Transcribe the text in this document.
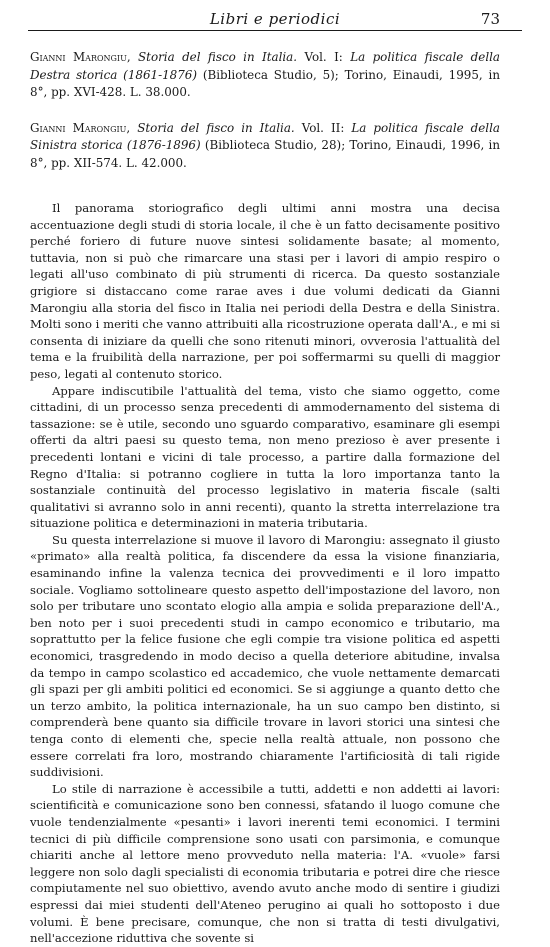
Libri e periodici	73

Gianni Marongiu, Storia del fisco in Italia. Vol. I: La politica fiscale della Destra storica (1861-1876) (Biblioteca Studio, 5); Torino, Einaudi, 1995, in 8°, pp. XVI-428. L. 38.000.

Gianni Marongiu, Storia del fisco in Italia. Vol. II: La politica fiscale della Sinistra storica (1876-1896) (Biblioteca Studio, 28); Torino, Einaudi, 1996, in 8°, pp. XII-574. L. 42.000.

Il panorama storiografico degli ultimi anni mostra una decisa accentuazione degli studi di storia locale, il che è un fatto decisamente positivo perché foriero di future nuove sintesi solidamente basate; al momento, tuttavia, non si può che rimarcare una stasi per i lavori di ampio respiro o legati all'uso combinato di più strumenti di ricerca. Da questo sostanziale grigiore si distaccano come rarae aves i due volumi dedicati da Gianni Marongiu alla storia del fisco in Italia nei periodi della Destra e della Sinistra. Molti sono i meriti che vanno attribuiti alla ricostruzione operata dall'A., e mi si consenta di iniziare da quelli che sono ritenuti minori, ovverosia l'attualità del tema e la fruibilità della narrazione, per poi soffermarmi su quelli di maggior peso, legati al contenuto storico.

Appare indiscutibile l'attualità del tema, visto che siamo oggetto, come cittadini, di un processo senza precedenti di ammodernamento del sistema di tassazione: se è utile, secondo uno sguardo comparativo, esaminare gli esempi offerti da altri paesi su questo tema, non meno prezioso è aver presente i precedenti lontani e vicini di tale processo, a partire dalla formazione del Regno d'Italia: si potranno cogliere in tutta la loro importanza tanto la sostanziale continuità del processo legislativo in materia fiscale (salti qualitativi si avranno solo in anni recenti), quanto la stretta interrelazione tra situazione politica e determinazioni in materia tributaria.

Su questa interrelazione si muove il lavoro di Marongiu: assegnato il giusto «primato» alla realtà politica, fa discendere da essa la visione finanziaria, esaminando infine la valenza tecnica dei provvedimenti e il loro impatto sociale. Vogliamo sottolineare questo aspetto dell'impostazione del lavoro, non solo per tributare uno scontato elogio alla ampia e solida preparazione dell'A., ben noto per i suoi precedenti studi in campo economico e tributario, ma soprattutto per la felice fusione che egli compie tra visione politica ed aspetti economici, trasgredendo in modo deciso a quella deteriore abitudine, invalsa da tempo in campo scolastico ed accademico, che vuole nettamente demarcati gli spazi per gli ambiti politici ed economici. Se si aggiunge a quanto detto che un terzo ambito, la politica internazionale, ha un suo campo ben distinto, si comprenderà bene quanto sia difficile trovare in lavori storici una sintesi che tenga conto di elementi che, specie nella realtà attuale, non possono che essere correlati fra loro, mostrando chiaramente l'artificiosità di tali rigide suddivisioni.

Lo stile di narrazione è accessibile a tutti, addetti e non addetti ai lavori: scientificità e comunicazione sono ben connessi, sfatando il luogo comune che vuole tendenzialmente «pesanti» i lavori inerenti temi economici. I termini tecnici di più difficile comprensione sono usati con parsimonia, e comunque chiariti anche al lettore meno provveduto nella materia: l'A. «vuole» farsi leggere non solo dagli specialisti di economia tributaria e potrei dire che riesce compiutamente nel suo obiettivo, avendo avuto anche modo di sentire i giudizi espressi dai miei studenti dell'Ateneo perugino ai quali ho sottoposto i due volumi. È bene precisare, comunque, che non si tratta di testi divulgativi, nell'accezione riduttiva che sovente si
